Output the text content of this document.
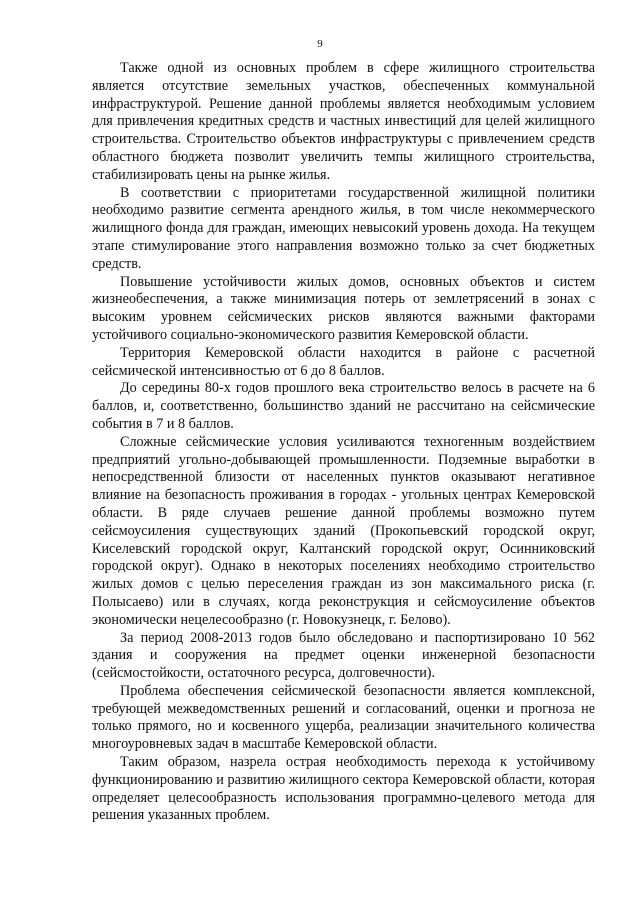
9

Также одной из основных проблем в сфере жилищного строительства является отсутствие земельных участков, обеспеченных коммунальной инфраструктурой. Решение данной проблемы является необходимым условием для привлечения кредитных средств и частных инвестиций для целей жилищного строительства. Строительство объектов инфраструктуры с привлечением средств областного бюджета позволит увеличить темпы жилищного строительства, стабилизировать цены на рынке жилья.

В соответствии с приоритетами государственной жилищной политики необходимо развитие сегмента арендного жилья, в том числе некоммерческого жилищного фонда для граждан, имеющих невысокий уровень дохода. На текущем этапе стимулирование этого направления возможно только за счет бюджетных средств.

Повышение устойчивости жилых домов, основных объектов и систем жизнеобеспечения, а также минимизация потерь от землетрясений в зонах с высоким уровнем сейсмических рисков являются важными факторами устойчивого социально-экономического развития Кемеровской области.

Территория Кемеровской области находится в районе с расчетной сейсмической интенсивностью от 6 до 8 баллов.

До середины 80-х годов прошлого века строительство велось в расчете на 6 баллов, и, соответственно, большинство зданий не рассчитано на сейсмические события в 7 и 8 баллов.

Сложные сейсмические условия усиливаются техногенным воздействием предприятий угольно-добывающей промышленности. Подземные выработки в непосредственной близости от населенных пунктов оказывают негативное влияние на безопасность проживания в городах - угольных центрах Кемеровской области. В ряде случаев решение данной проблемы возможно путем сейсмоусиления существующих зданий (Прокопьевский городской округ, Киселевский городской округ, Калтанский городской округ, Осинниковский городской округ). Однако в некоторых поселениях необходимо строительство жилых домов с целью переселения граждан из зон максимального риска (г. Полысаево) или в случаях, когда реконструкция и сейсмоусиление объектов экономически нецелесообразно (г. Новокузнецк, г. Белово).

За период 2008-2013 годов было обследовано и паспортизировано 10 562 здания и сооружения на предмет оценки инженерной безопасности (сейсмостойкости, остаточного ресурса, долговечности).

Проблема обеспечения сейсмической безопасности является комплексной, требующей межведомственных решений и согласований, оценки и прогноза не только прямого, но и косвенного ущерба, реализации значительного количества многоуровневых задач в масштабе Кемеровской области.

Таким образом, назрела острая необходимость перехода к устойчивому функционированию и развитию жилищного сектора Кемеровской области, которая определяет целесообразность использования программно-целевого метода для решения указанных проблем.
